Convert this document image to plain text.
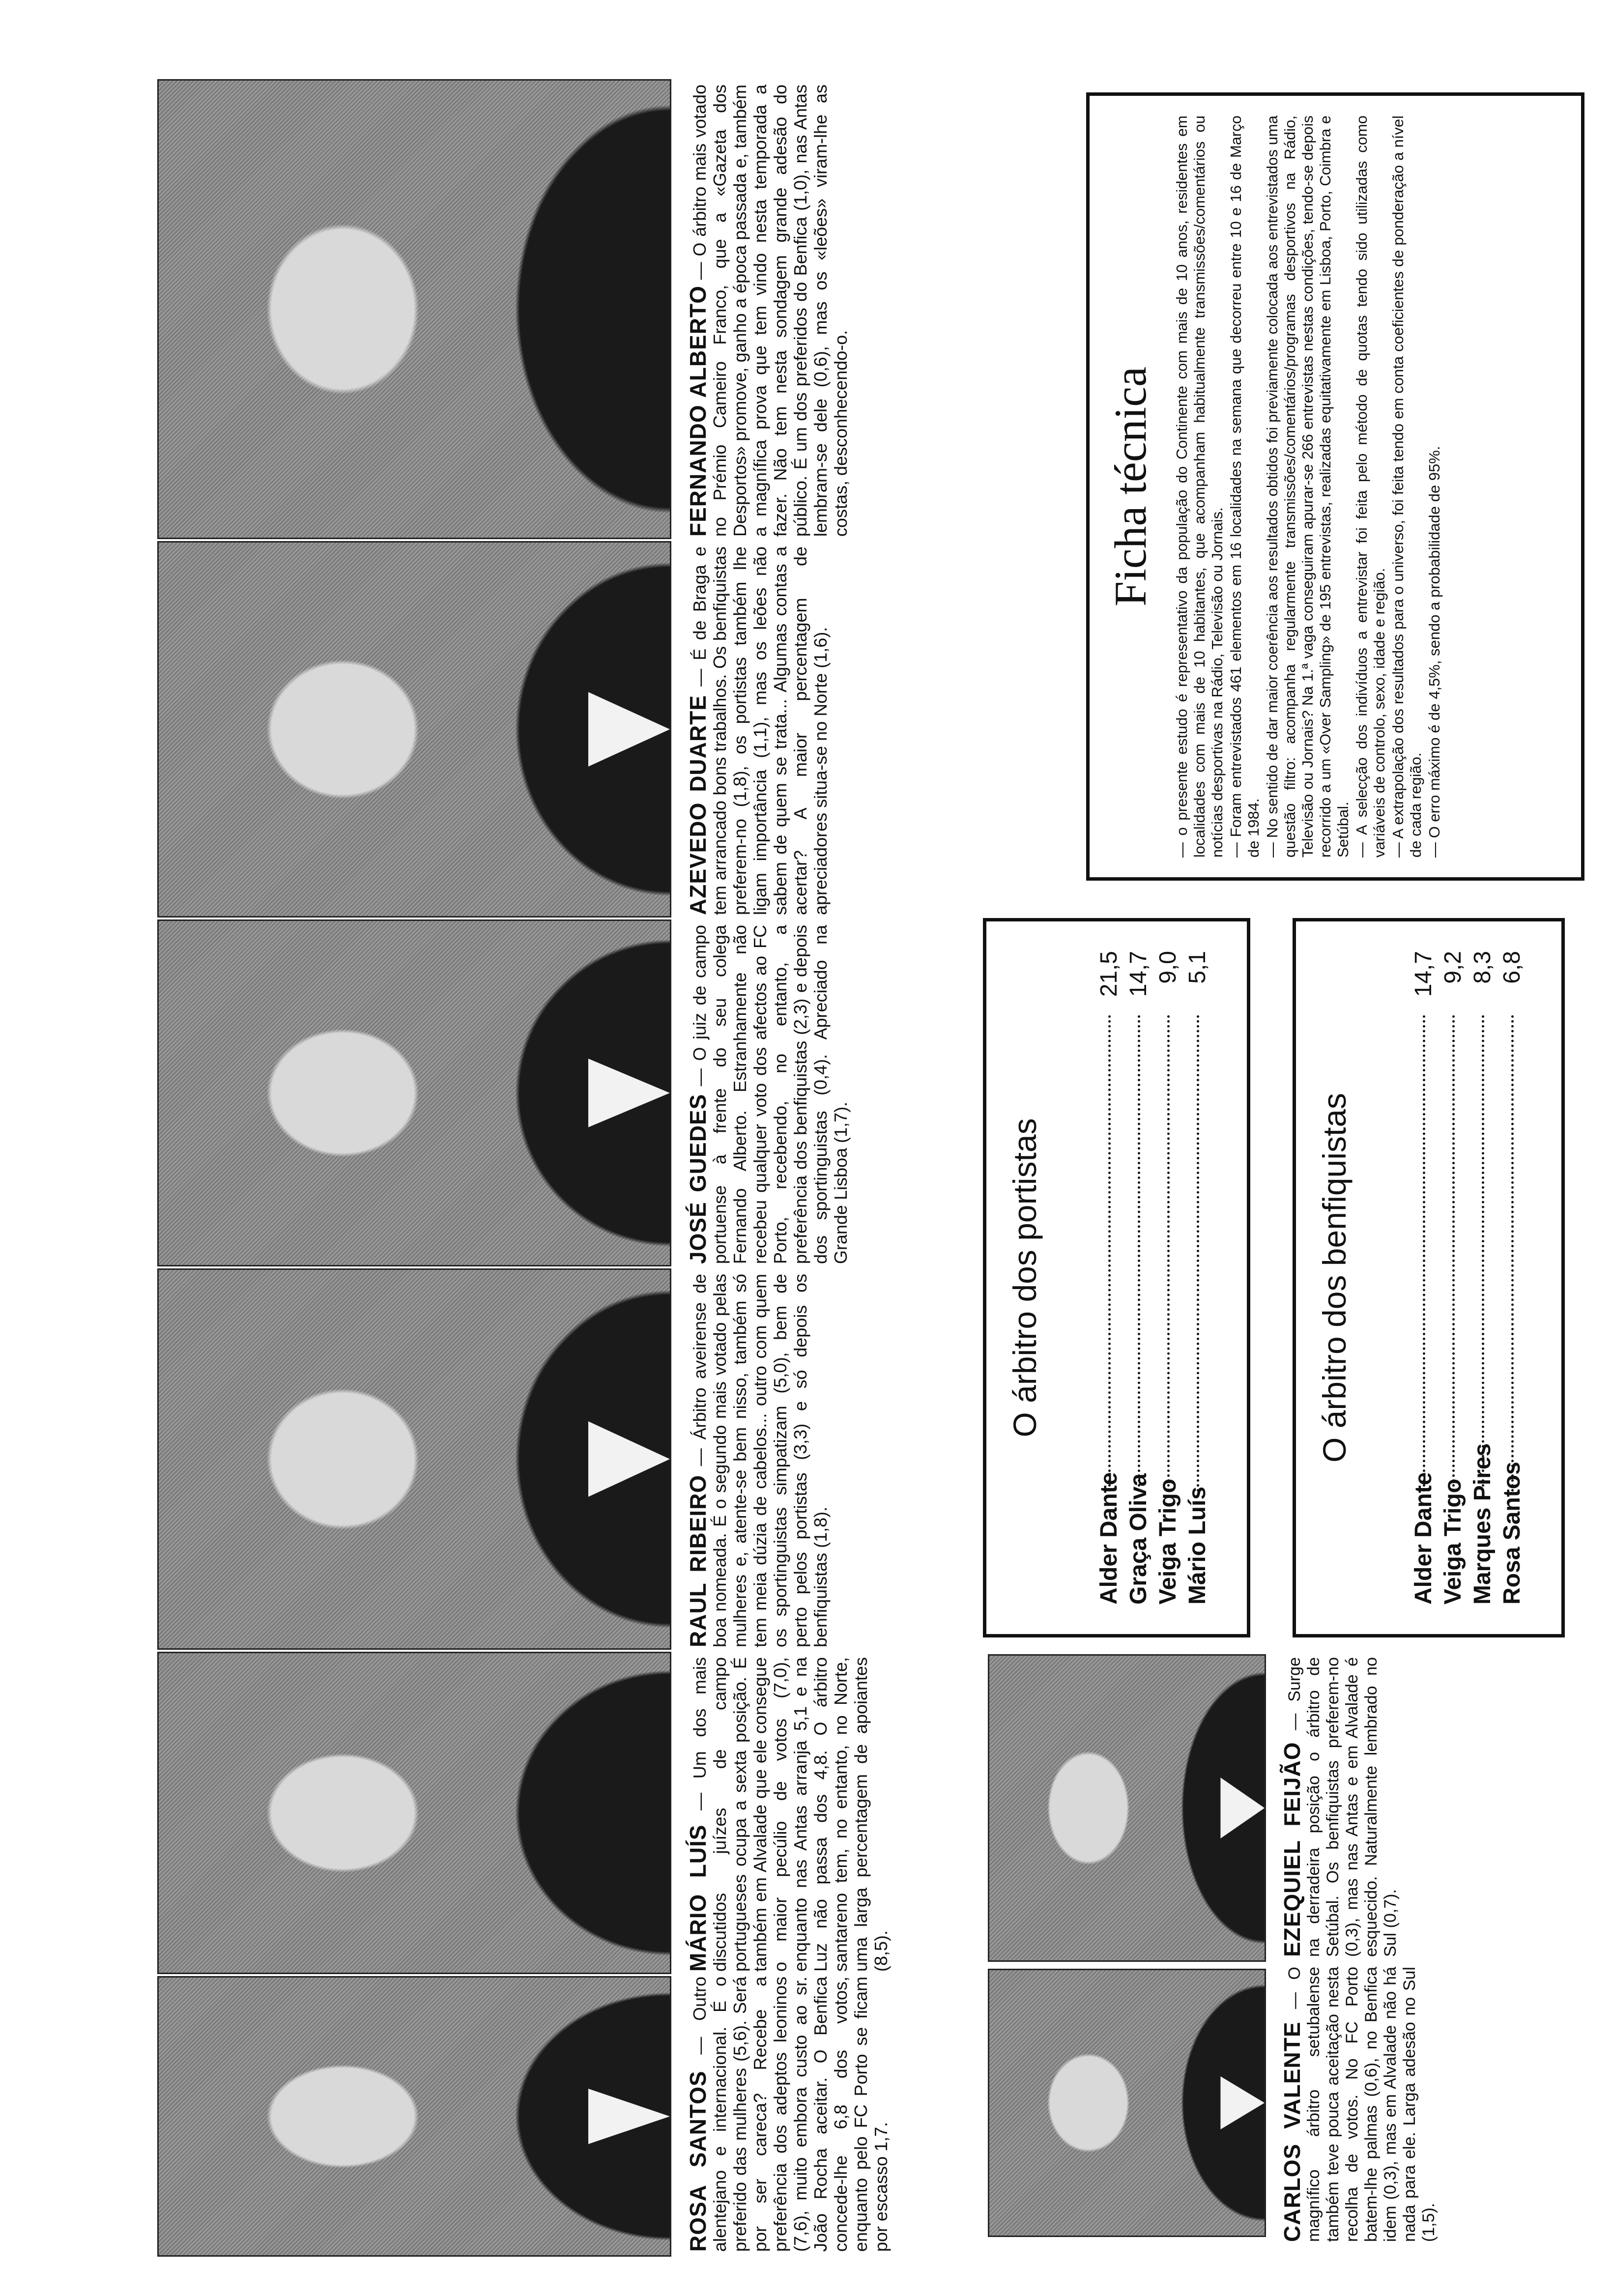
ROSA SANTOS — Outro alentejano e internacional. É o preferido das mulheres (5,6). Será por ser careca? Recebe a preferência dos adeptos leoninos (7,6), muito embora custo ao sr. João Rocha aceitar. O Benfica concede-lhe 6,8 dos votos, enquanto pelo FC Porto se ficam por escasso 1,7.
MÁRIO LUÍS — Um dos mais discutidos juízes de campo portugueses ocupa a sexta posição. É também em Alvalade que ele consegue o maior pecúlio de votos (7,0), enquanto nas Antas arranja 5,1 e na Luz não passa dos 4,8. O árbitro santareno tem, no entanto, no Norte, uma larga percentagem de apoiantes (8,5).
RAUL RIBEIRO — Árbitro aveirense de boa nomeada. É o segundo mais votado pelas mulheres e, atente-se bem nisso, também só tem meia dúzia de cabelos... outro com quem os sportinguistas simpatizam (5,0), bem de perto pelos portistas (3,3) e só depois os benfiquistas (1,8).
JOSÉ GUEDES — O juiz de campo portuense à frente do seu colega Fernando Alberto. Estranhamente não recebeu qualquer voto dos afectos ao FC Porto, recebendo, no entanto, a preferência dos benfiquistas (2,3) e depois dos sportinguistas (0,4). Apreciado na Grande Lisboa (1,7).
AZEVEDO DUARTE — É de Braga e tem arrancado bons trabalhos. Os benfiquistas preferem-no (1,8), os portistas também lhe ligam importância (1,1), mas os leões não sabem de quem se trata... Algumas contas a acertar? A maior percentagem de apreciadores situa-se no Norte (1,6).
FERNANDO ALBERTO — O árbitro mais votado no Prémio Cameiro Franco, que a «Gazeta dos Desportos» promove, ganho a época passada e, também a magnífica prova que tem vindo nesta temporada a fazer. Não tem nesta sondagem grande adesão do público. É um dos preferidos do Benfica (1,0), nas Antas lembram-se dele (0,6), mas os «leões» viram-lhe as costas, desconhecendo-o.
CARLOS VALENTE — O magnífico árbitro setubalense também teve pouca aceitação nesta recolha de votos. No FC Porto batem-lhe palmas (0,6), no Benfica idem (0,3), mas em Alvalade não há nada para ele. Larga adesão no Sul (1,5).
EZEQUIEL FEIJÃO — Surge na derradeira posição o árbitro de Setúbal. Os benfiquistas preferem-no (0,3), mas nas Antas e em Alvalade é esquecido. Naturalmente lembrado no Sul (0,7).
O árbitro dos portistas
Alder Dante
21,5
Graça Oliva
14,7
Veiga Trigo
9,0
Mário Luís
5,1
O árbitro dos benfiquistas
Alder Dante
14,7
Veiga Trigo
9,2
Marques Pires
8,3
Rosa Santos
6,8
Ficha técnica — o presente estudo é representativo da população do Continente com mais de 10 anos, residentes em localidades com mais de 10 habitantes, que acompanham habitualmente transmissões/comentários ou notícias desportivas na Rádio, Televisão ou Jornais. — Foram entrevistados 461 elementos em 16 localidades na semana que decorreu entre 10 e 16 de Março de 1984. — No sentido de dar maior coerência aos resultados obtidos foi previamente colocada aos entrevistados uma questão filtro: acompanha regularmente transmissões/comentários/programas desportivos na Rádio, Televisão ou Jornais? Na 1.ª vaga conseguiram apurar-se 266 entrevistas nestas condições, tendo-se depois recorrido a um «Over Sampling» de 195 entrevistas, realizadas equitativamente em Lisboa, Porto, Coimbra e Setúbal. — A selecção dos indivíduos a entrevistar foi feita pelo método de quotas tendo sido utilizadas como variáveis de controlo, sexo, idade e região. — A extrapolação dos resultados para o universo, foi feita tendo em conta coeficientes de ponderação a nível de cada região. — O erro máximo é de 4,5%, sendo a probabilidade de 95%.
